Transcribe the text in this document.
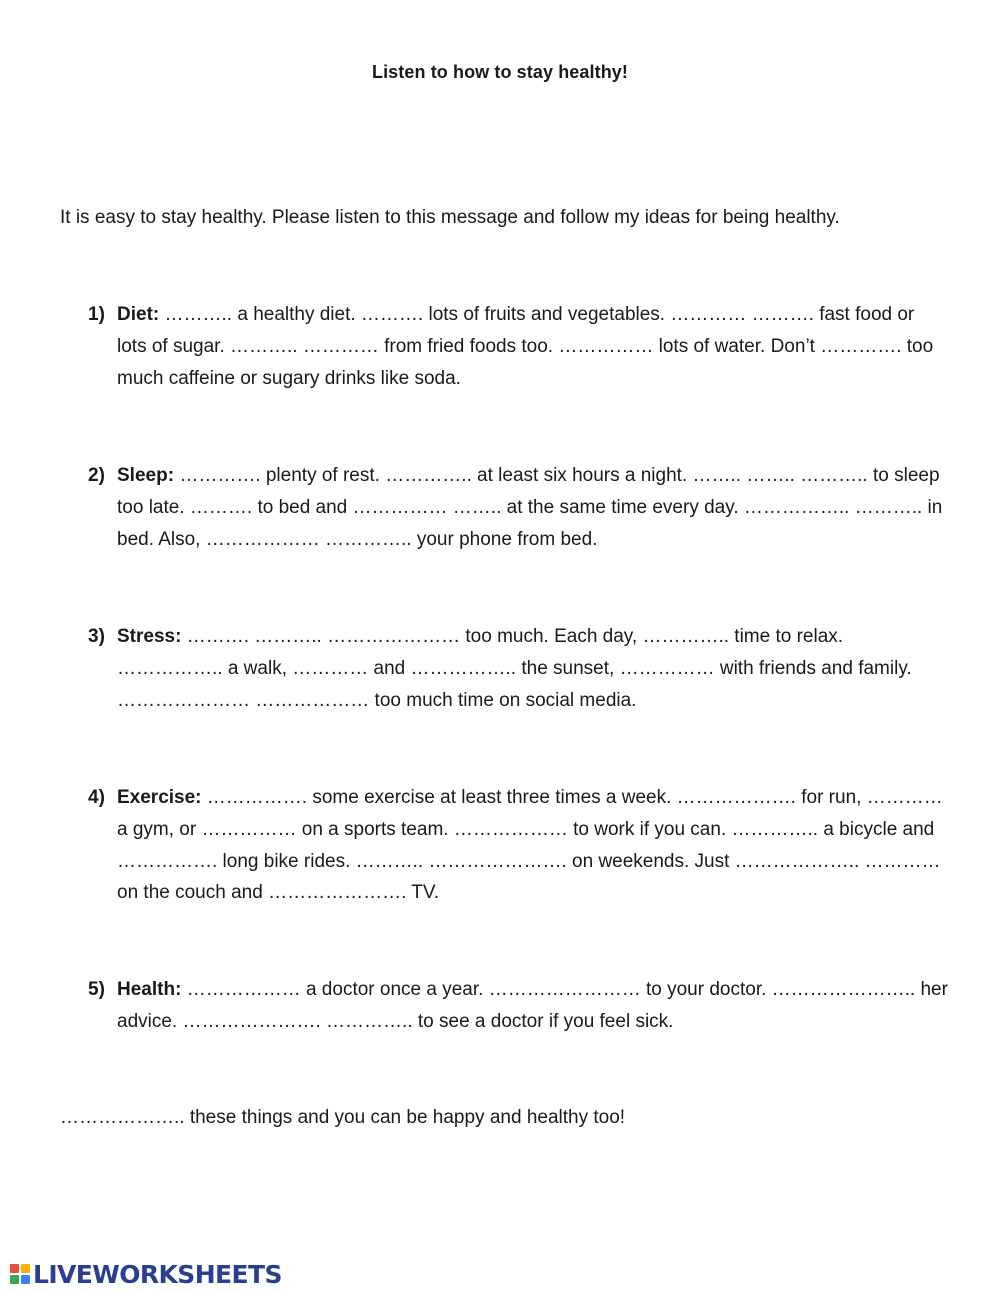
Listen to how to stay healthy!
It is easy to stay healthy. Please listen to this message and follow my ideas for being healthy.
1) Diet: ……….. a healthy diet. ………. lots of fruits and vegetables. ………… ………. fast food or lots of sugar. ……….. ………… from fried foods too. …………… lots of water. Don’t …………. too much caffeine or sugary drinks like soda.
2) Sleep: …………. plenty of rest. ………….. at least six hours a night. …….. …….. ……….. to sleep too late. ………. to bed and …………… …….. at the same time every day. …………….. ……….. in bed. Also, ……………… ………….. your phone from bed.
3) Stress: ………. ……….. ………………… too much. Each day, ………….. time to relax. …………….. a walk, ………… and …………….. the sunset, …………… with friends and family. ………………… ……………… too much time on social media.
4) Exercise: ……………. some exercise at least three times a week. ………………. for run, ………… a gym, or …………… on a sports team. ……………… to work if you can. ………….. a bicycle and ……………. long bike rides. ……….. …………………. on weekends. Just ……………….. ………… on the couch and …………………. TV.
5) Health: ……………… a doctor once a year. …………………… to your doctor. ………………….. her advice. …………………. ………….. to see a doctor if you feel sick.
……………….. these things and you can be happy and healthy too!
LIVEWORKSHEETS
